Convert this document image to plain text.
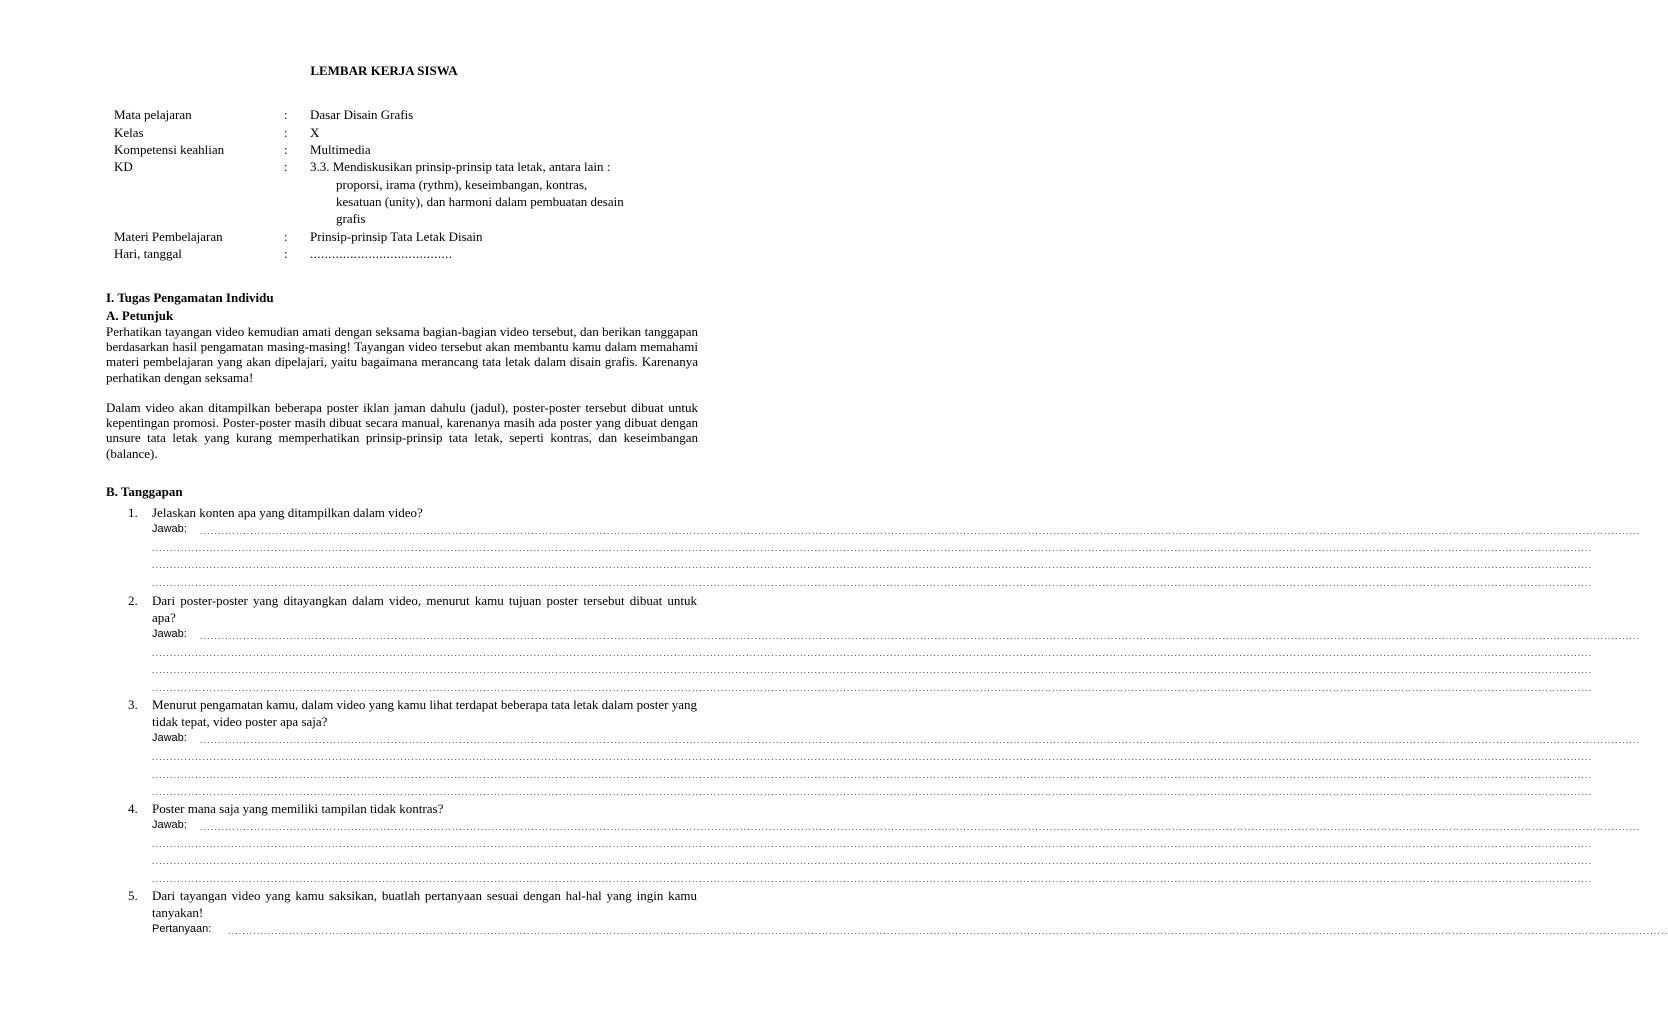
LEMBAR KERJA SISWA
Mata pelajaran	: Dasar Disain Grafis
Kelas	: X
Kompetensi keahlian	: Multimedia
KD	: 3.3. Mendiskusikan prinsip-prinsip tata letak, antara lain :
proporsi, irama (rythm), keseimbangan, kontras,
kesatuan (unity), dan harmoni dalam pembuatan desain
grafis
Materi Pembelajaran	: Prinsip-prinsip Tata Letak Disain
Hari, tanggal	: .......................................
I. Tugas Pengamatan Individu
A. Petunjuk
Perhatikan tayangan video kemudian amati dengan seksama bagian-bagian video tersebut, dan berikan tanggapan berdasarkan hasil pengamatan masing-masing! Tayangan video tersebut akan membantu kamu dalam memahami materi pembelajaran yang akan dipelajari, yaitu bagaimana merancang tata letak dalam disain grafis. Karenanya perhatikan dengan seksama!
Dalam video akan ditampilkan beberapa poster iklan jaman dahulu (jadul), poster-poster tersebut dibuat untuk kepentingan promosi. Poster-poster masih dibuat secara manual, karenanya masih ada poster yang dibuat dengan unsure tata letak yang kurang memperhatikan prinsip-prinsip tata letak, seperti kontras, dan keseimbangan (balance).
B. Tanggapan
1. Jelaskan konten apa yang ditampilkan dalam video?
Jawab: ................................................................................................................................................................................................................................................................................................................................................................................................................
................................................................................................................................................................................................................................................................................................................................................................................................................
................................................................................................................................................................................................................................................................................................................................................................................................................
................................................................................................................................................................................................................................................................................................................................................................................................................
2. Dari poster-poster yang ditayangkan dalam video, menurut kamu tujuan poster tersebut dibuat untuk apa?
Jawab: ................................................................................................................................................................................................................................................................................................................................................................................................................
................................................................................................................................................................................................................................................................................................................................................................................................................
................................................................................................................................................................................................................................................................................................................................................................................................................
................................................................................................................................................................................................................................................................................................................................................................................................................
3. Menurut pengamatan kamu, dalam video yang kamu lihat terdapat beberapa tata letak dalam poster yang tidak tepat, video poster apa saja?
Jawab: ................................................................................................................................................................................................................................................................................................................................................................................................................
................................................................................................................................................................................................................................................................................................................................................................................................................
................................................................................................................................................................................................................................................................................................................................................................................................................
................................................................................................................................................................................................................................................................................................................................................................................................................
4. Poster mana saja yang memiliki tampilan tidak kontras?
Jawab: ................................................................................................................................................................................................................................................................................................................................................................................................................
................................................................................................................................................................................................................................................................................................................................................................................................................
................................................................................................................................................................................................................................................................................................................................................................................................................
................................................................................................................................................................................................................................................................................................................................................................................................................
5. Dari tayangan video yang kamu saksikan, buatlah pertanyaan sesuai dengan hal-hal yang ingin kamu tanyakan!
Pertanyaan: ................................................................................................................................................................................................................................................................................................................................................................................................................
